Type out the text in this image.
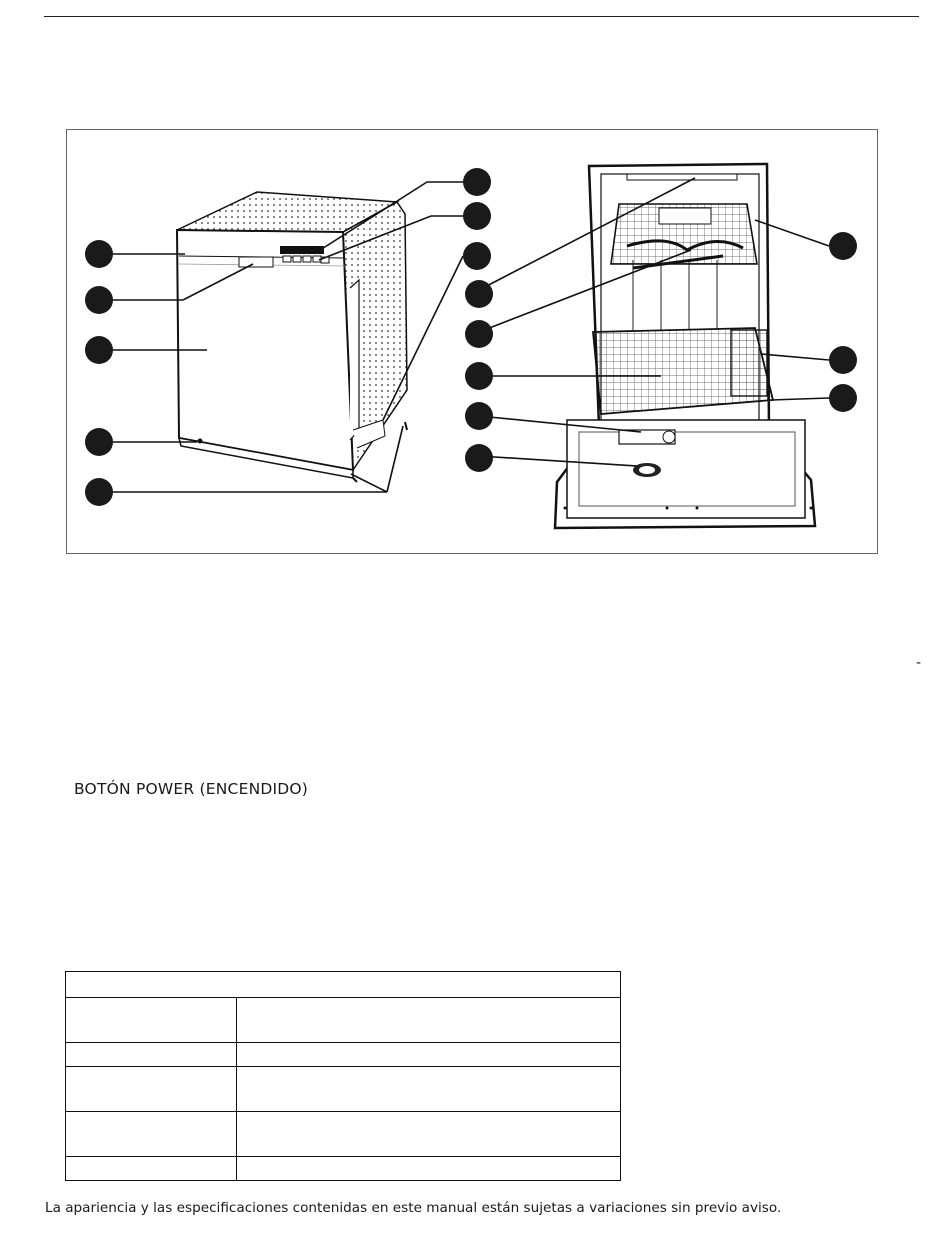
-
BOTÓN POWER (ENCENDIDO)

La apariencia y las especificaciones contenidas en este manual están sujetas a variaciones sin previo aviso.
